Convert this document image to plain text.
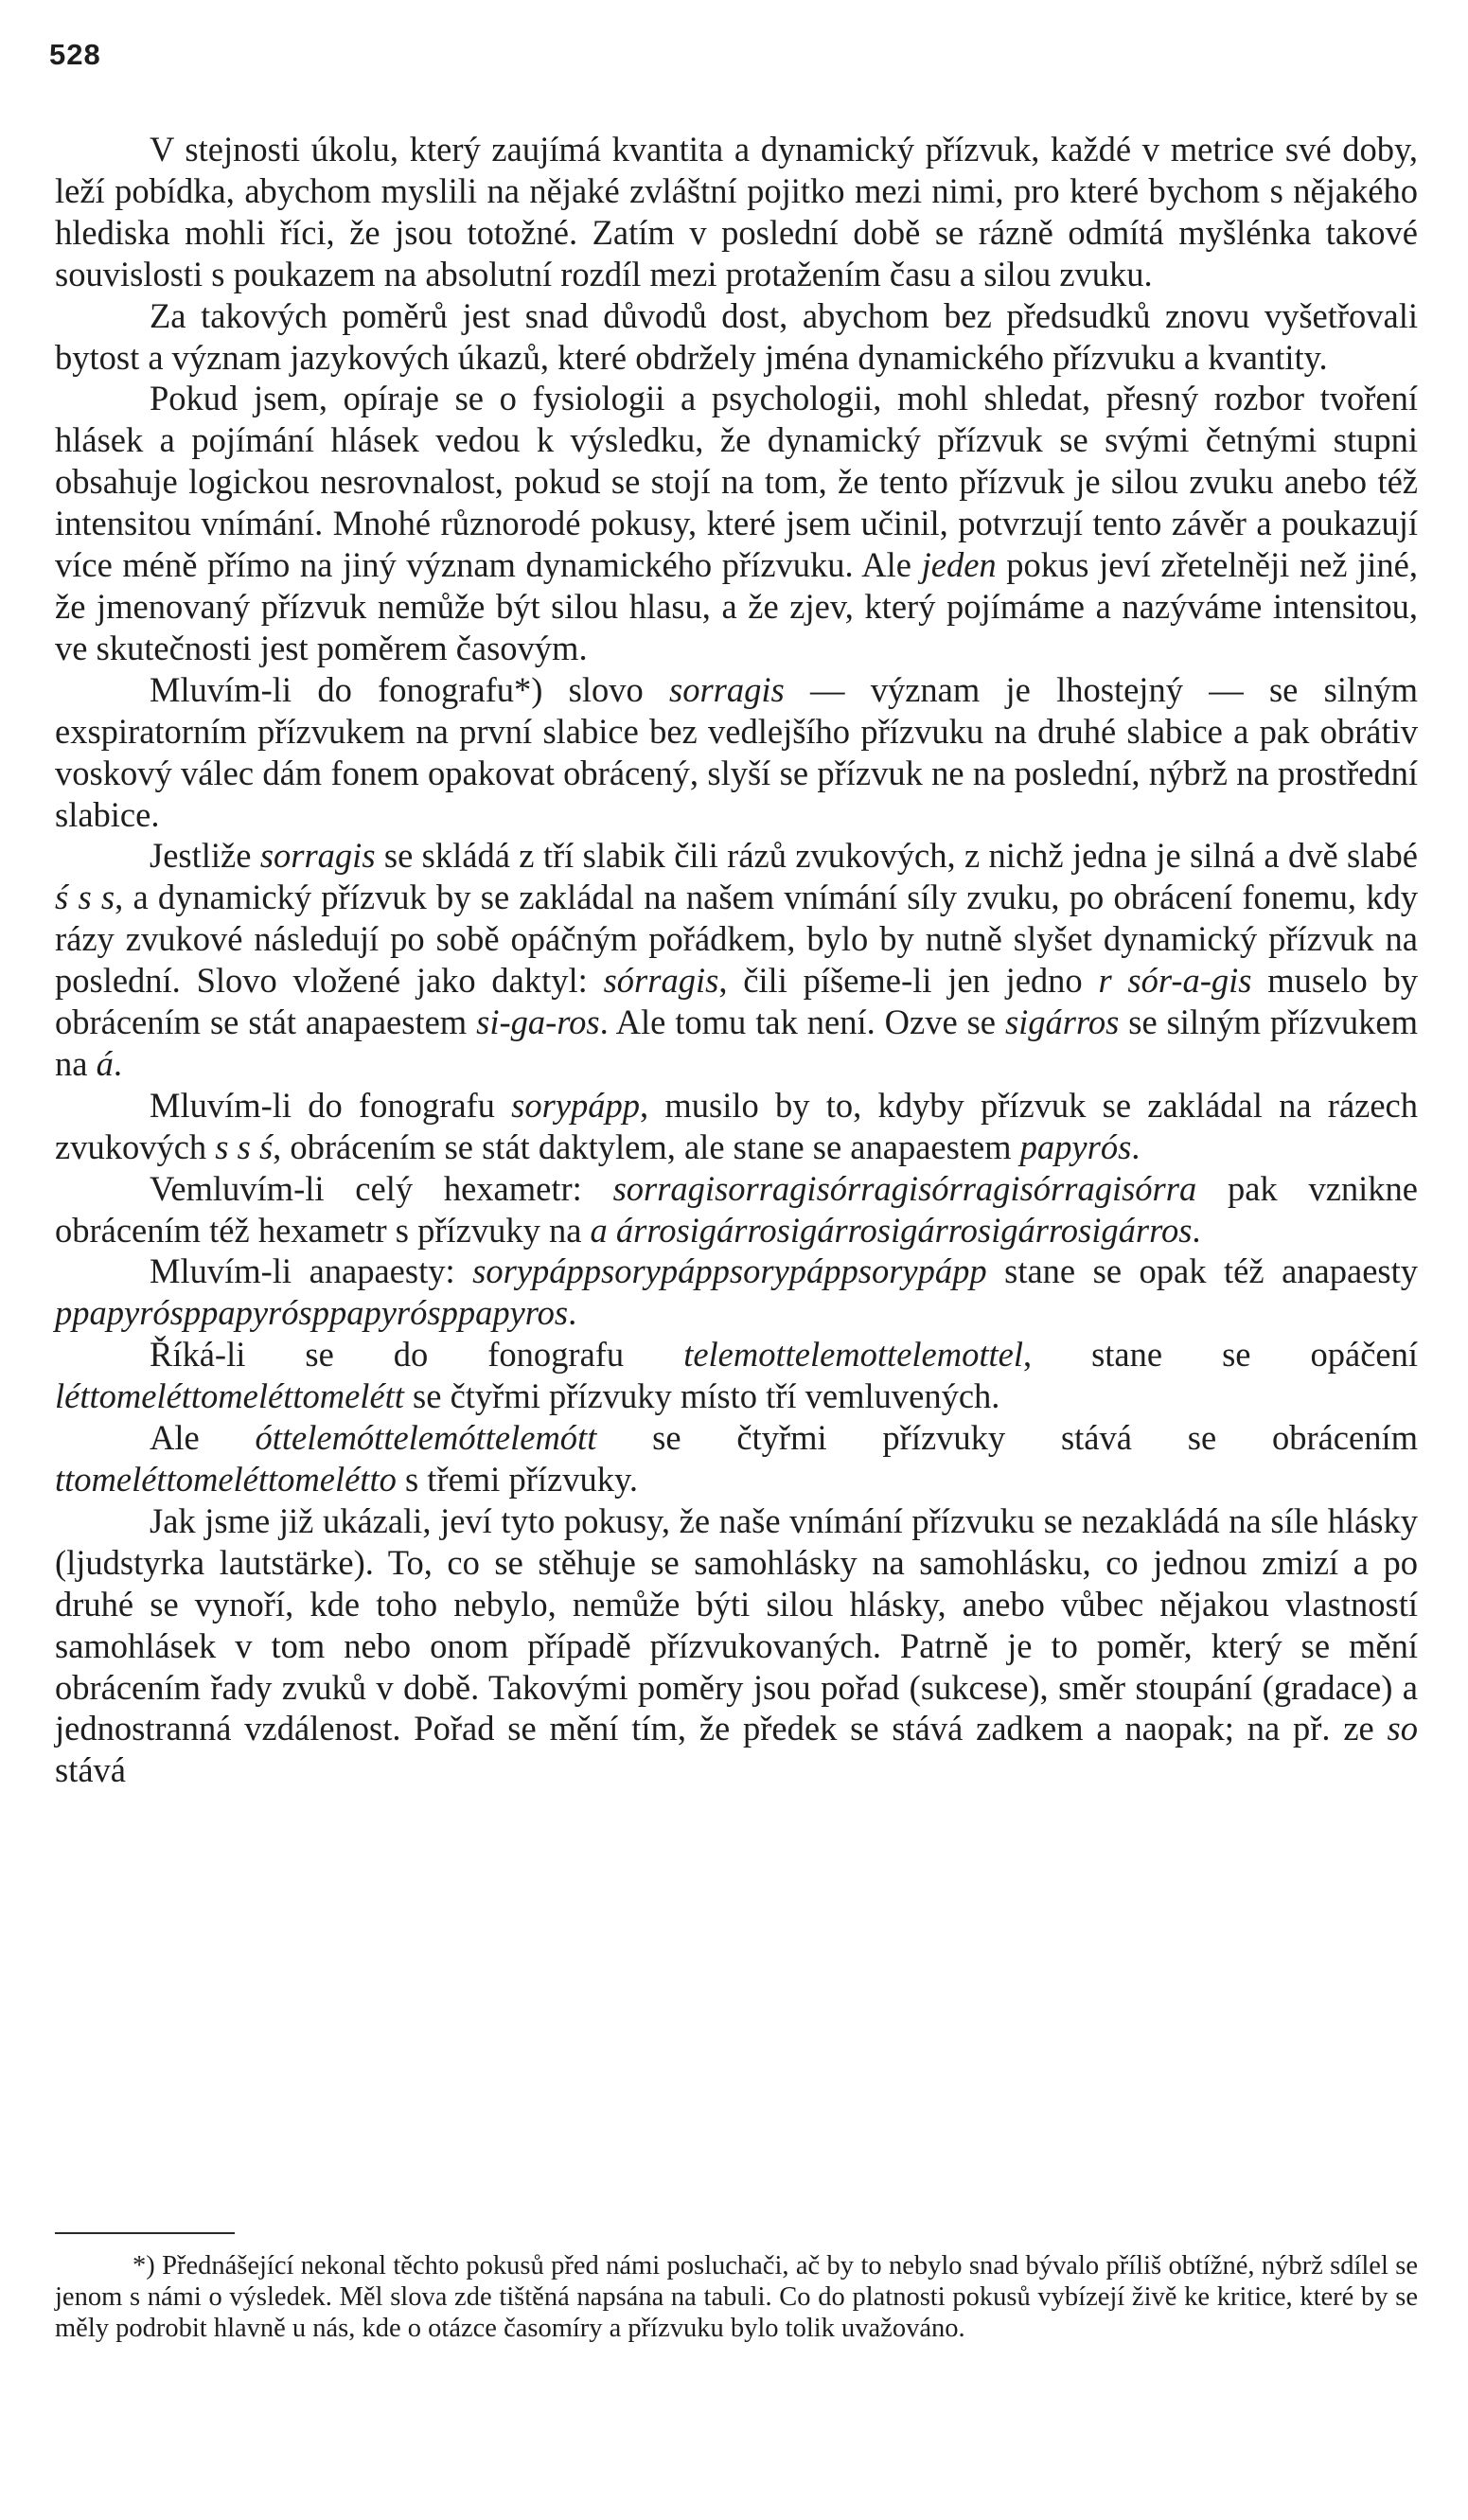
528

V stejnosti úkolu, který zaujímá kvantita a dynamický přízvuk, každé v metrice své doby, leží pobídka, abychom myslili na nějaké zvláštní pojitko mezi nimi, pro které bychom s nějakého hlediska mohli říci, že jsou totožné. Zatím v poslední době se rázně odmítá myšlénka takové souvislosti s poukazem na absolutní rozdíl mezi protažením času a silou zvuku.

Za takových poměrů jest snad důvodů dost, abychom bez předsudků znovu vyšetřovali bytost a význam jazykových úkazů, které obdržely jména dynamického přízvuku a kvantity.

Pokud jsem, opíraje se o fysiologii a psychologii, mohl shledat, přesný rozbor tvoření hlásek a pojímání hlásek vedou k výsledku, že dynamický přízvuk se svými četnými stupni obsahuje logickou nesrovnalost, pokud se stojí na tom, že tento přízvuk je silou zvuku anebo též intensitou vnímání. Mnohé různorodé pokusy, které jsem učinil, potvrzují tento závěr a poukazují více méně přímo na jiný význam dynamického přízvuku. Ale jeden pokus jeví zřetelněji než jiné, že jmenovaný přízvuk nemůže být silou hlasu, a že zjev, který pojímáme a nazýváme intensitou, ve skutečnosti jest poměrem časovým.

Mluvím-li do fonografu*) slovo sorragis — význam je lhostejný — se silným exspiratorním přízvukem na první slabice bez vedlejšího přízvuku na druhé slabice a pak obrátiv voskový válec dám fonem opakovat obrácený, slyší se přízvuk ne na poslední, nýbrž na prostřední slabice.

Jestliže sorragis se skládá z tří slabik čili rázů zvukových, z nichž jedna je silná a dvě slabé ś s s, a dynamický přízvuk by se zakládal na našem vnímání síly zvuku, po obrácení fonemu, kdy rázy zvukové následují po sobě opáčným pořádkem, bylo by nutně slyšet dynamický přízvuk na poslední. Slovo vložené jako daktyl: sórragis, čili píšeme-li jen jedno r sór-a-gis muselo by obrácením se stát anapaestem si-ga-ros. Ale tomu tak není. Ozve se sigárros se silným přízvukem na á.

Mluvím-li do fonografu sorypápp, musilo by to, kdyby přízvuk se zakládal na rázech zvukových s s ś, obrácením se stát daktylem, ale stane se anapaestem papyrós.

Vemluvím-li celý hexametr: sorragisorragisórragisórragisórragisórra pak vznikne obrácením též hexametr s přízvuky na a árrosigárrosigárrosigárrosigárrosigárros.

Mluvím-li anapaesty: sorypáppsorypáppsorypáppsorypápp stane se opak též anapaesty ppapyrósppapyrósppapyrósppapyros.

Říká-li se do fonografu telemottelemottelemottel, stane se opáčení léttomeléttomeléttomelétt se čtyřmi přízvuky místo tří vemluvených.

Ale óttelemóttelemóttelemótt se čtyřmi přízvuky stává se obrácením ttomeléttomeléttomelétto s třemi přízvuky.

Jak jsme již ukázali, jeví tyto pokusy, že naše vnímání přízvuku se nezakládá na síle hlásky (ljudstyrka lautstärke). To, co se stěhuje se samohlásky na samohlásku, co jednou zmizí a po druhé se vynoří, kde toho nebylo, nemůže býti silou hlásky, anebo vůbec nějakou vlastností samohlásek v tom nebo onom případě přízvukovaných. Patrně je to poměr, který se mění obrácením řady zvuků v době. Takovými poměry jsou pořad (sukcese), směr stoupání (gradace) a jednostranná vzdálenost. Pořad se mění tím, že předek se stává zadkem a naopak; na př. ze so stává

*) Přednášející nekonal těchto pokusů před námi posluchači, ač by to nebylo snad bývalo příliš obtížné, nýbrž sdílel se jenom s námi o výsledek. Měl slova zde tištěná napsána na tabuli. Co do platnosti pokusů vybízejí živě ke kritice, které by se měly podrobit hlavně u nás, kde o otázce časomíry a přízvuku bylo tolik uvažováno.
